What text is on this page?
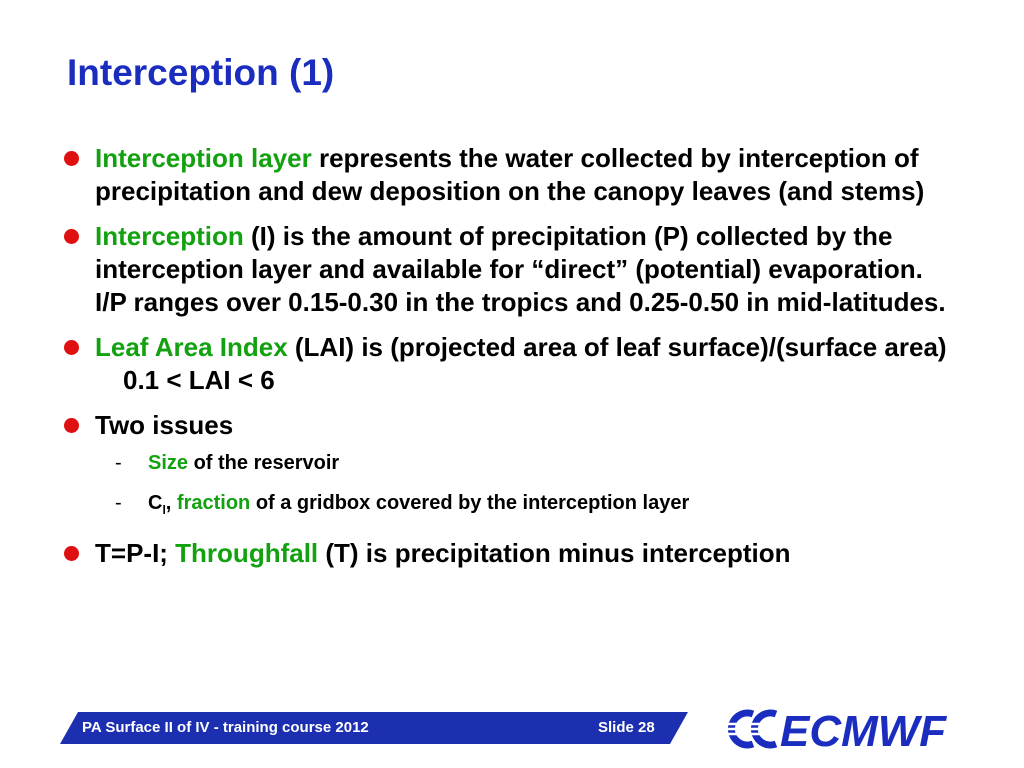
Interception (1)
Interception layer represents the water collected by interception of precipitation and dew deposition on the canopy leaves (and stems)
Interception (I) is the amount of precipitation (P) collected by the interception layer and available for “direct” (potential) evaporation. I/P ranges over 0.15-0.30 in the tropics and 0.25-0.50 in mid-latitudes.
Leaf Area Index (LAI) is (projected area of leaf surface)/(surface area)0.1 < LAI < 6
Two issues
- Size of the reservoir
- $C_l$, fraction of a gridbox covered by the interception layer
T=P-I; Throughfall (T) is precipitation minus interception
PA Surface II of IV - training course 2012	Slide 28	ECMWF
